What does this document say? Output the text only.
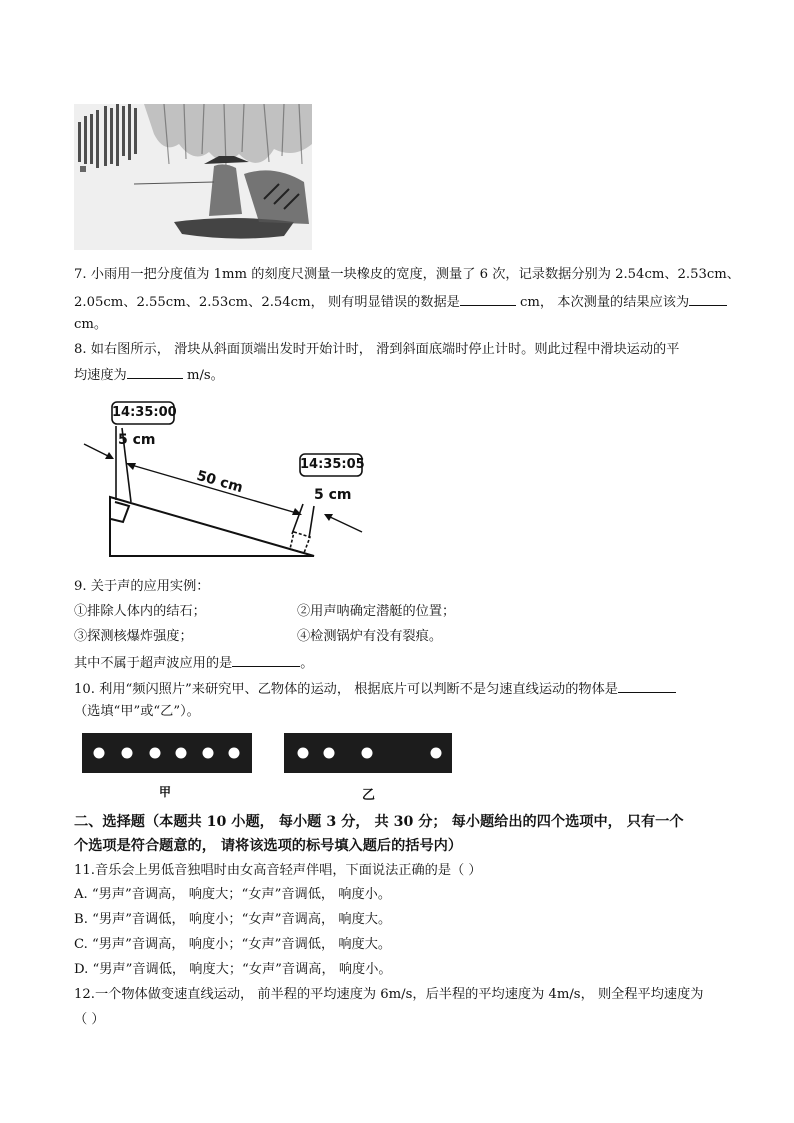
7. 小雨用一把分度值为 1mm 的刻度尺测量一块橡皮的宽度，测量了 6 次，记录数据分别为 2.54cm、2.53cm、
2.05cm、2.55cm、2.53cm、2.54cm， 则有明显错误的数据是	cm， 本次测量的结果应该为
cm。
8. 如右图所示， 滑块从斜面顶端出发时开始计时， 滑到斜面底端时停止计时。则此过程中滑块运动的平
均速度为	m/s。
14:35:00
14:35:05
5 cm
5 cm
50 cm
9. 关于声的应用实例：
①排除人体内的结石；	②用声呐确定潜艇的位置；
③探测核爆炸强度；	④检测锅炉有没有裂痕。
其中不属于超声波应用的是	。
10. 利用“频闪照片”来研究甲、乙物体的运动， 根据底片可以判断不是匀速直线运动的物体是
（选填“甲”或“乙”）。
甲	乙
二、选择题（本题共 10 小题， 每小题 3 分， 共 30 分； 每小题给出的四个选项中， 只有一个
个选项是符合题意的， 请将该选项的标号填入题后的括号内）
11.音乐会上男低音独唱时由女高音轻声伴唱，下面说法正确的是（ ）
A. “男声”音调高， 响度大；“女声”音调低， 响度小。
B. “男声”音调低， 响度小；“女声”音调高， 响度大。
C. “男声”音调高， 响度小；“女声”音调低， 响度大。
D. “男声”音调低， 响度大；“女声”音调高， 响度小。
12.一个物体做变速直线运动， 前半程的平均速度为 6m/s，后半程的平均速度为 4m/s， 则全程平均速度为
（ ）
